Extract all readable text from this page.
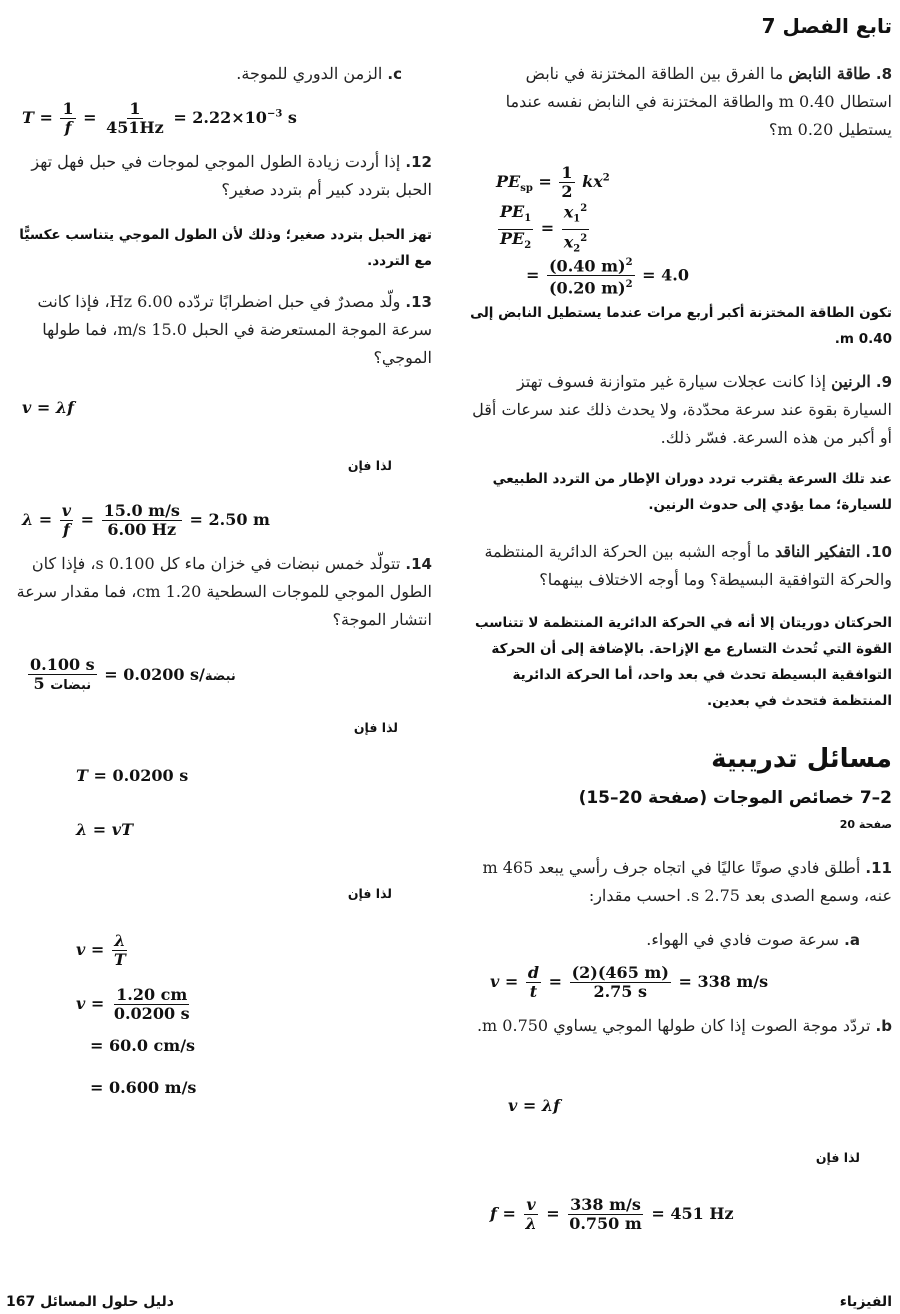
تابع الفصل 7
8. طاقة النابض ما الفرق بين الطاقة المختزنة في نابض استطال 0.40 m والطاقة المختزنة في النابض نفسه عندما يستطيل 0.20 m؟
$PE_{sp} = \frac{1}{2} kx^2$
$\frac{PE_1}{PE_2} = \frac{x_1^2}{x_2^2}$
= $\frac{(0.40 m)^2}{(0.20 m)^2} = 4.0$
تكون الطاقة المختزنة أكبر أربع مرات عندما يستطيل النابض إلى 0.40 m.
9. الرنين إذا كانت عجلات سيارة غير متوازنة فسوف تهتز السيارة بقوة عند سرعة محدّدة، ولا يحدث ذلك عند سرعات أقل أو أكبر من هذه السرعة. فسّر ذلك.
عند تلك السرعة يقترب تردد دوران الإطار من التردد الطبيعي للسيارة؛ مما يؤدي إلى حدوث الرنين.
10. التفكير الناقد ما أوجه الشبه بين الحركة الدائرية المنتظمة والحركة التوافقية البسيطة؟ وما أوجه الاختلاف بينهما؟
الحركتان دوريتان إلا أنه في الحركة الدائرية المنتظمة لا تتناسب القوة التي تُحدث التسارع مع الإزاحة. بالإضافة إلى أن الحركة التوافقية البسيطة تحدث في بعد واحد، أما الحركة الدائرية المنتظمة فتحدث في بعدين.
مسائل تدريبية
2–7 خصائص الموجات (صفحة 20–15)
صفحة 20
11. أطلق فادي صوتًا عاليًا في اتجاه جرف رأسي يبعد 465 m عنه، وسمع الصدى بعد 2.75 s. احسب مقدار:
a. سرعة صوت فادي في الهواء.
$v = \frac{d}{t} = \frac{(2)(465 m)}{2.75 s} = 338$ m/s
b. تردّد موجة الصوت إذا كان طولها الموجي يساوي 0.750 m.
v = λf
لذا فإن
$f = \frac{v}{\lambda} = \frac{338 m/s}{0.750 m} = 451$ Hz
c. الزمن الدوري للموجة.
$T = \frac{1}{f} = \frac{1}{451Hz} = 2.22\times 10^{-3}$ s
12. إذا أردت زيادة الطول الموجي لموجات في حبل فهل تهز الحبل بتردد كبير أم بتردد صغير؟
تهز الحبل بتردد صغير؛ وذلك لأن الطول الموجي يتناسب عكسيًّا مع التردد.
13. ولّد مصدرٌ في حبل اضطرابًا تردّده 6.00 Hz، فإذا كانت سرعة الموجة المستعرضة في الحبل 15.0 m/s، فما طولها الموجي؟
v = λf
لذا فإن
$\lambda = \frac{v}{f} = \frac{15.0 m/s}{6.00 Hz} = 2.50$ m
14. تتولّد خمس نبضات في خزان ماء كل 0.100 s، فإذا كان الطول الموجي للموجات السطحية 1.20 cm، فما مقدار سرعة انتشار الموجة؟
$\frac{0.100 s}{\text{نبضات 5}} = 0.0200$ s/نبضة
لذا فإن
T = 0.0200 s
λ = vT
لذا فإن
$v = \frac{\lambda}{T}$
$v = \frac{1.20 cm}{0.0200 s}$
= 60.0 cm/s
= 0.600 m/s
167 دليل حلول المسائل	الفيزياء
